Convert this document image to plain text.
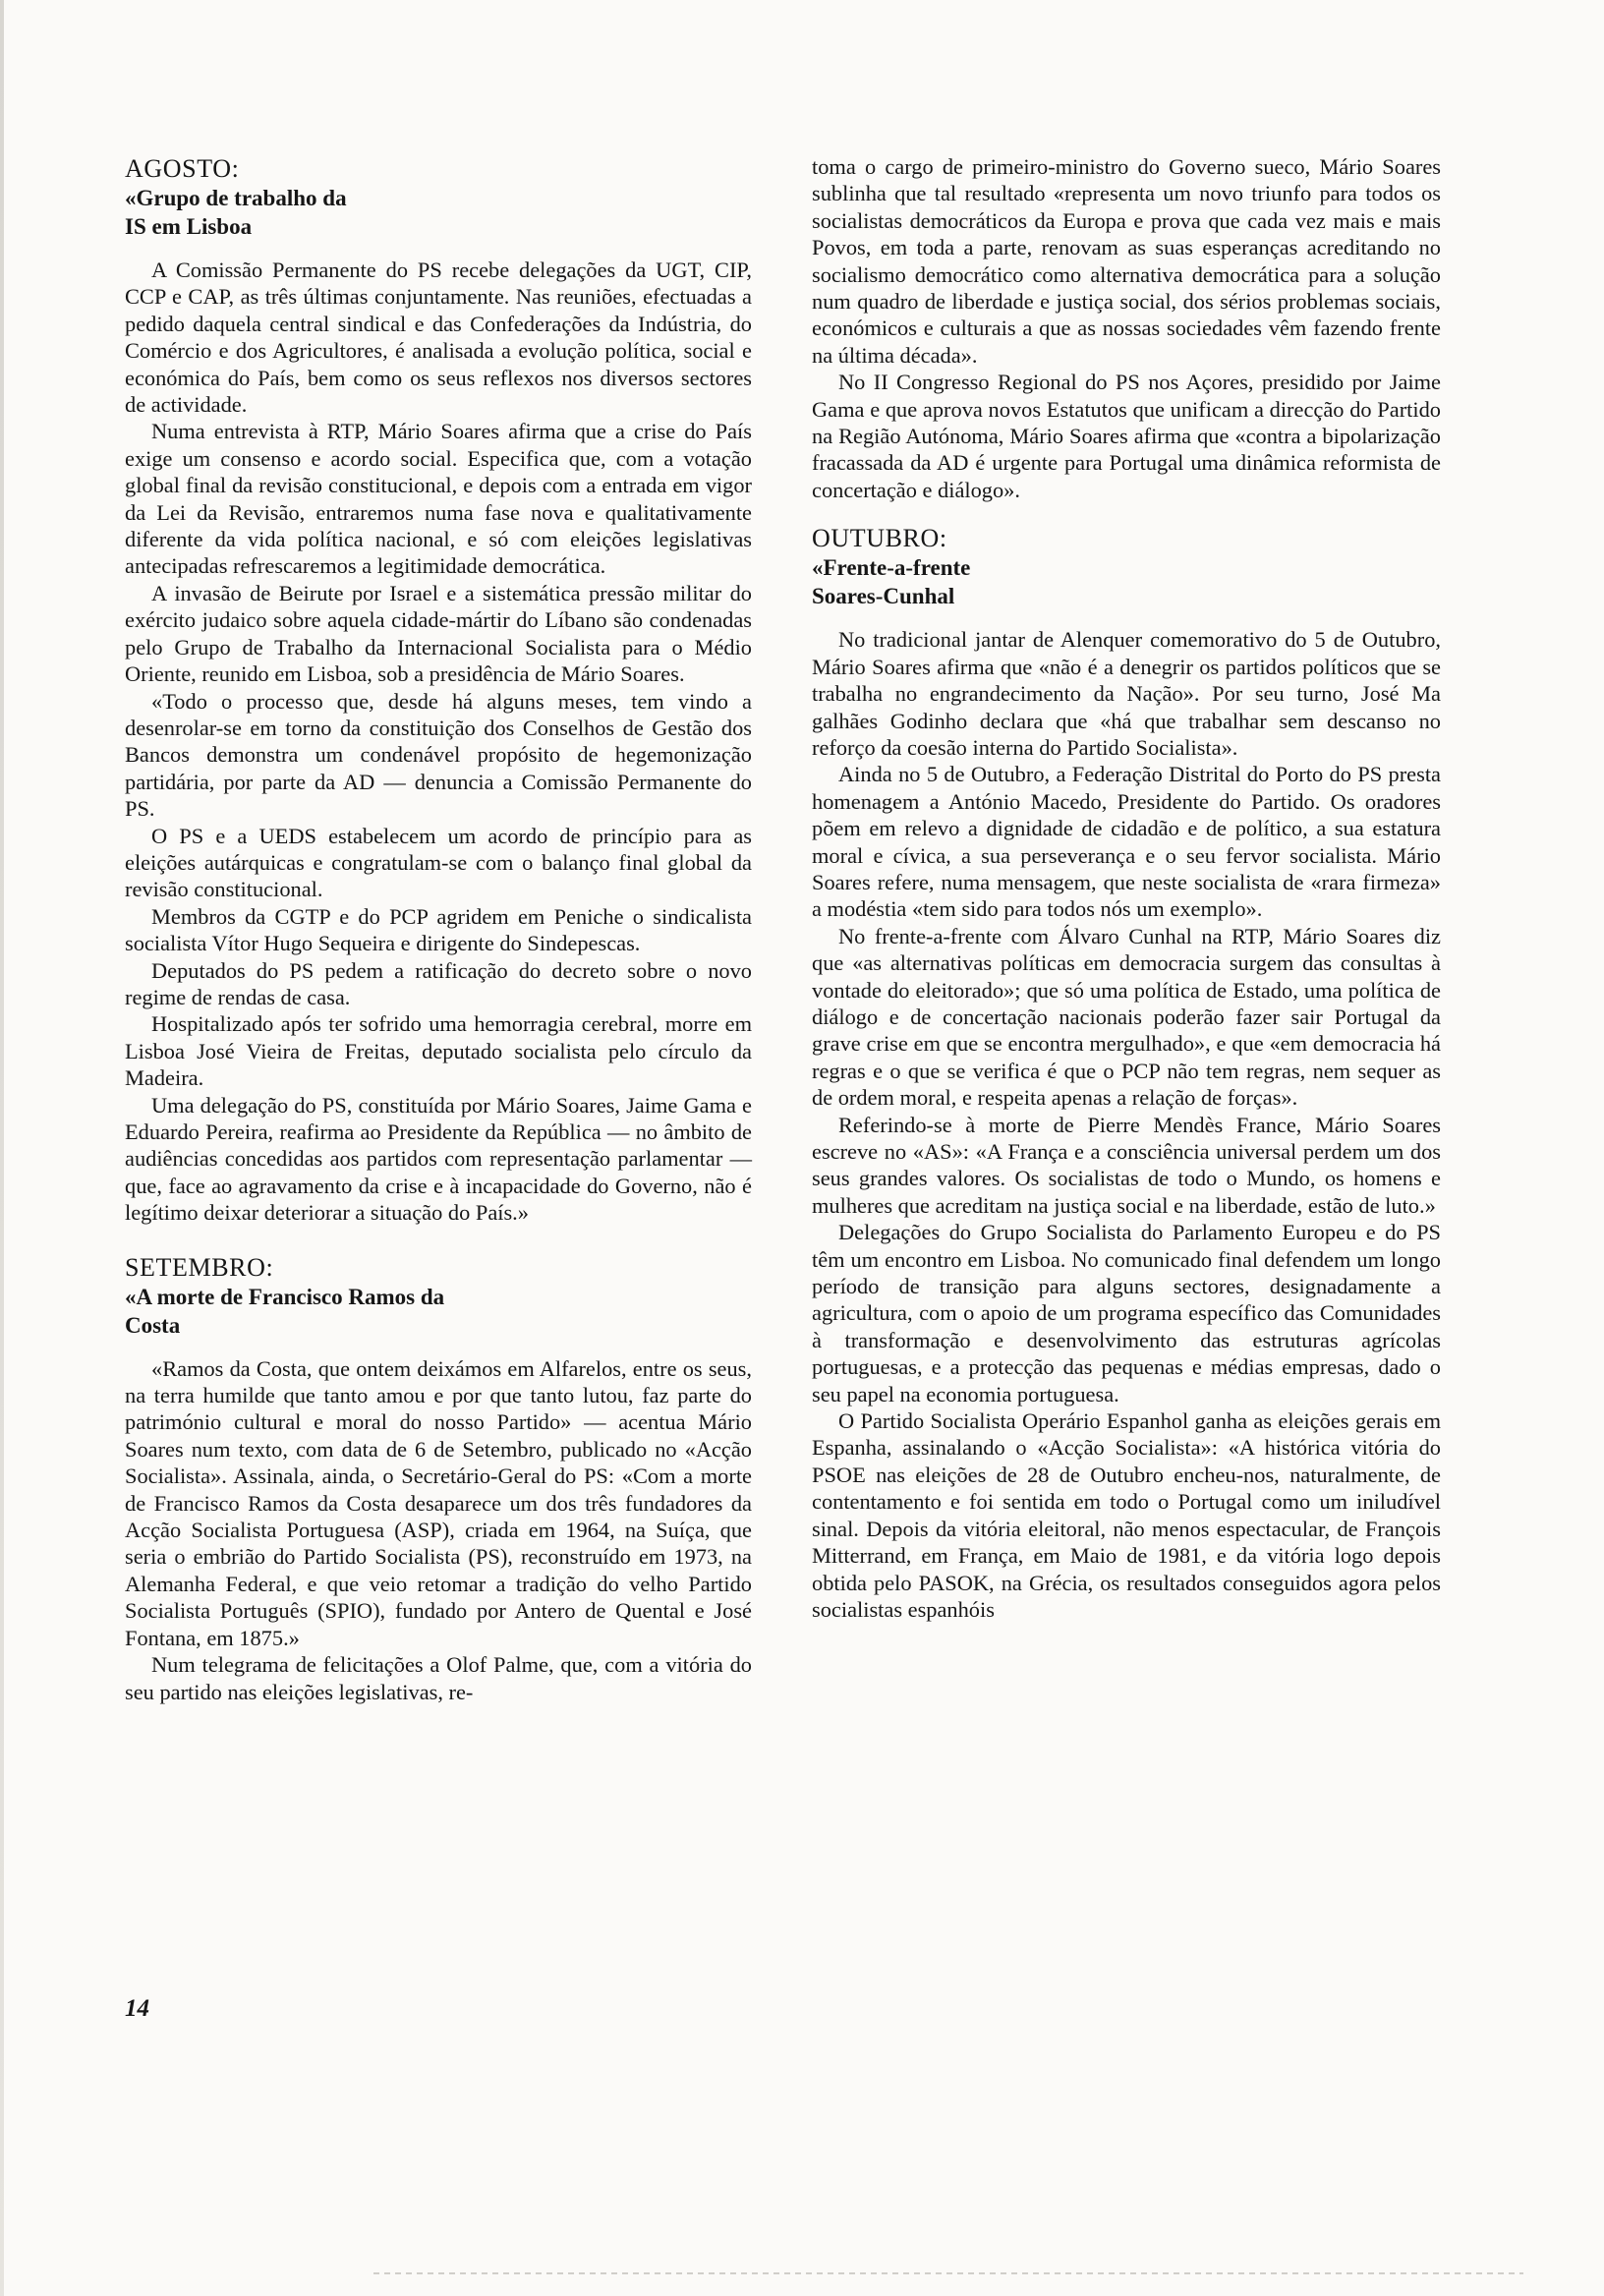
AGOSTO:
«Grupo de trabalho da IS em Lisboa

A Comissão Permanente do PS recebe delegações da UGT, CIP, CCP e CAP, as três últimas conjuntamente. Nas reuniões, efectuadas a pedido daquela central sindical e das Confederações da Indústria, do Comércio e dos Agricultores, é analisada a evolução política, social e económica do País, bem como os seus reflexos nos diversos sectores de actividade.

Numa entrevista à RTP, Mário Soares afirma que a crise do País exige um consenso e acordo social. Especifica que, com a votação global final da revisão constitucional, e depois com a entrada em vigor da Lei da Revisão, entraremos numa fase nova e qualitativamente diferente da vida política nacional, e só com eleições legislativas antecipadas refrescaremos a legitimidade democrática.

A invasão de Beirute por Israel e a sistemática pressão militar do exército judaico sobre aquela cidade-mártir do Líbano são condenadas pelo Grupo de Trabalho da Internacional Socialista para o Médio Oriente, reunido em Lisboa, sob a presidência de Mário Soares.

«Todo o processo que, desde há alguns meses, tem vindo a desenrolar-se em torno da constituição dos Conselhos de Gestão dos Bancos demonstra um condenável propósito de hegemonização partidária, por parte da AD — denuncia a Comissão Permanente do PS.

O PS e a UEDS estabelecem um acordo de princípio para as eleições autárquicas e congratulam-se com o balanço final global da revisão constitucional.

Membros da CGTP e do PCP agridem em Peniche o sindicalista socialista Vítor Hugo Sequeira e dirigente do Sindepescas.

Deputados do PS pedem a ratificação do decreto sobre o novo regime de rendas de casa.

Hospitalizado após ter sofrido uma hemorragia cerebral, morre em Lisboa José Vieira de Freitas, deputado socialista pelo círculo da Madeira.

Uma delegação do PS, constituída por Mário Soares, Jaime Gama e Eduardo Pereira, reafirma ao Presidente da República — no âmbito de audiências concedidas aos partidos com representação parlamentar — que, face ao agravamento da crise e à incapacidade do Governo, não é legítimo deixar deteriorar a situação do País.»

SETEMBRO:
«A morte de Francisco Ramos da Costa

«Ramos da Costa, que ontem deixámos em Alfarelos, entre os seus, na terra humilde que tanto amou e por que tanto lutou, faz parte do património cultural e moral do nosso Partido» — acentua Mário Soares num texto, com data de 6 de Setembro, publicado no «Acção Socialista». Assinala, ainda, o Secretário-Geral do PS: «Com a morte de Francisco Ramos da Costa desaparece um dos três fundadores da Acção Socialista Portuguesa (ASP), criada em 1964, na Suíça, que seria o embrião do Partido Socialista (PS), reconstruído em 1973, na Alemanha Federal, e que veio retomar a tradição do velho Partido Socialista Português (SPIO), fundado por Antero de Quental e José Fontana, em 1875.»

Num telegrama de felicitações a Olof Palme, que, com a vitória do seu partido nas eleições legislativas, re-

toma o cargo de primeiro-ministro do Governo sueco, Mário Soares sublinha que tal resultado «representa um novo triunfo para todos os socialistas democráticos da Europa e prova que cada vez mais e mais Povos, em toda a parte, renovam as suas esperanças acreditando no socialismo democrático como alternativa democrática para a solução num quadro de liberdade e justiça social, dos sérios problemas sociais, económicos e culturais a que as nossas sociedades vêm fazendo frente na última década».

No II Congresso Regional do PS nos Açores, presidido por Jaime Gama e que aprova novos Estatutos que unificam a direcção do Partido na Região Autónoma, Mário Soares afirma que «contra a bipolarização fracassada da AD é urgente para Portugal uma dinâmica reformista de concertação e diálogo».

OUTUBRO:
«Frente-a-frente Soares-Cunhal

No tradicional jantar de Alenquer comemorativo do 5 de Outubro, Mário Soares afirma que «não é a denegrir os partidos políticos que se trabalha no engrandecimento da Nação». Por seu turno, José Ma galhães Godinho declara que «há que trabalhar sem descanso no reforço da coesão interna do Partido Socialista».

Ainda no 5 de Outubro, a Federação Distrital do Porto do PS presta homenagem a António Macedo, Presidente do Partido. Os oradores põem em relevo a dignidade de cidadão e de político, a sua estatura moral e cívica, a sua perseverança e o seu fervor socialista. Mário Soares refere, numa mensagem, que neste socialista de «rara firmeza» a modéstia «tem sido para todos nós um exemplo».

No frente-a-frente com Álvaro Cunhal na RTP, Mário Soares diz que «as alternativas políticas em democracia surgem das consultas à vontade do eleitorado»; que só uma política de Estado, uma política de diálogo e de concertação nacionais poderão fazer sair Portugal da grave crise em que se encontra mergulhado», e que «em democracia há regras e o que se verifica é que o PCP não tem regras, nem sequer as de ordem moral, e respeita apenas a relação de forças».

Referindo-se à morte de Pierre Mendès France, Mário Soares escreve no «AS»: «A França e a consciência universal perdem um dos seus grandes valores. Os socialistas de todo o Mundo, os homens e mulheres que acreditam na justiça social e na liberdade, estão de luto.»

Delegações do Grupo Socialista do Parlamento Europeu e do PS têm um encontro em Lisboa. No comunicado final defendem um longo período de transição para alguns sectores, designadamente a agricultura, com o apoio de um programa específico das Comunidades à transformação e desenvolvimento das estruturas agrícolas portuguesas, e a protecção das pequenas e médias empresas, dado o seu papel na economia portuguesa.

O Partido Socialista Operário Espanhol ganha as eleições gerais em Espanha, assinalando o «Acção Socialista»: «A histórica vitória do PSOE nas eleições de 28 de Outubro encheu-nos, naturalmente, de contentamento e foi sentida em todo o Portugal como um iniludível sinal. Depois da vitória eleitoral, não menos espectacular, de François Mitterrand, em França, em Maio de 1981, e da vitória logo depois obtida pelo PASOK, na Grécia, os resultados conseguidos agora pelos socialistas espanhóis

14
